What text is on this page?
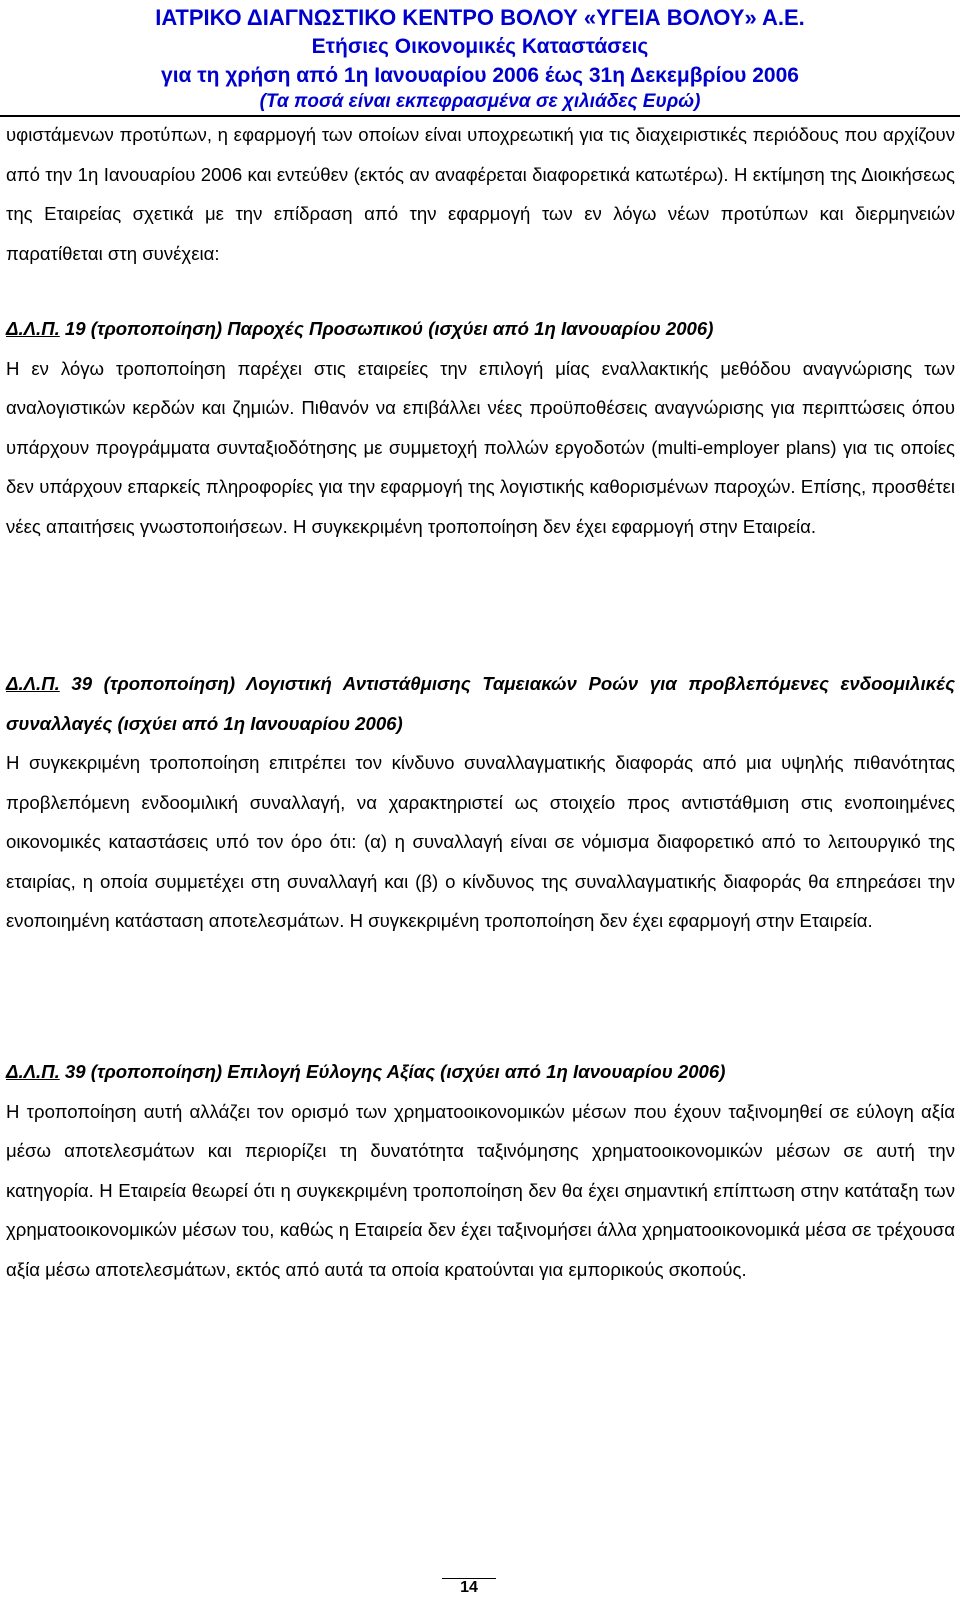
ΙΑΤΡΙΚΟ ΔΙΑΓΝΩΣΤΙΚΟ ΚΕΝΤΡΟ ΒΟΛΟΥ «ΥΓΕΙΑ ΒΟΛΟΥ» Α.Ε.
Ετήσιες Οικονομικές Καταστάσεις
για τη χρήση από 1η Ιανουαρίου 2006 έως 31η Δεκεμβρίου 2006
(Τα ποσά είναι εκπεφρασμένα σε χιλιάδες Ευρώ)

υφιστάμενων προτύπων, η εφαρμογή των οποίων είναι υποχρεωτική για τις διαχειριστικές περιόδους που αρχίζουν από την 1η Ιανουαρίου 2006 και εντεύθεν (εκτός αν αναφέρεται διαφορετικά κατωτέρω). Η εκτίμηση της Διοικήσεως της Εταιρείας σχετικά με την επίδραση από την εφαρμογή των εν λόγω νέων προτύπων και διερμηνειών παρατίθεται στη συνέχεια:

Δ.Λ.Π. 19 (τροποποίηση) Παροχές Προσωπικού (ισχύει από 1η Ιανουαρίου 2006)

Η εν λόγω τροποποίηση παρέχει στις εταιρείες την επιλογή μίας εναλλακτικής μεθόδου αναγνώρισης των αναλογιστικών κερδών και ζημιών. Πιθανόν να επιβάλλει νέες προϋποθέσεις αναγνώρισης για περιπτώσεις όπου υπάρχουν προγράμματα συνταξιοδότησης με συμμετοχή πολλών εργοδοτών (multi-employer plans) για τις οποίες δεν υπάρχουν επαρκείς πληροφορίες για την εφαρμογή της λογιστικής καθορισμένων παροχών. Επίσης, προσθέτει νέες απαιτήσεις γνωστοποιήσεων. Η συγκεκριμένη τροποποίηση δεν έχει εφαρμογή στην Εταιρεία.

Δ.Λ.Π. 39 (τροποποίηση) Λογιστική Αντιστάθμισης Ταμειακών Ροών για προβλεπόμενες ενδοομιλικές συναλλαγές (ισχύει από 1η Ιανουαρίου 2006)

Η συγκεκριμένη τροποποίηση επιτρέπει τον κίνδυνο συναλλαγματικής διαφοράς από μια υψηλής πιθανότητας προβλεπόμενη ενδοομιλική συναλλαγή, να χαρακτηριστεί ως στοιχείο προς αντιστάθμιση στις ενοποιημένες οικονομικές καταστάσεις υπό τον όρο ότι: (α) η συναλλαγή είναι σε νόμισμα διαφορετικό από το λειτουργικό της εταιρίας, η οποία συμμετέχει στη συναλλαγή και (β) ο κίνδυνος της συναλλαγματικής διαφοράς θα επηρεάσει την ενοποιημένη κατάσταση αποτελεσμάτων. Η συγκεκριμένη τροποποίηση δεν έχει εφαρμογή στην Εταιρεία.

Δ.Λ.Π. 39 (τροποποίηση) Επιλογή Εύλογης Αξίας (ισχύει από 1η Ιανουαρίου 2006)

Η τροποποίηση αυτή αλλάζει τον ορισμό των χρηματοοικονομικών μέσων που έχουν ταξινομηθεί σε εύλογη αξία μέσω αποτελεσμάτων και περιορίζει τη δυνατότητα ταξινόμησης χρηματοοικονομικών μέσων σε αυτή την κατηγορία. Η Εταιρεία θεωρεί ότι η συγκεκριμένη τροποποίηση δεν θα έχει σημαντική επίπτωση στην κατάταξη των χρηματοοικονομικών μέσων του, καθώς η Εταιρεία δεν έχει ταξινομήσει άλλα χρηματοοικονομικά μέσα σε τρέχουσα αξία μέσω αποτελεσμάτων, εκτός από αυτά τα οποία κρατούνται για εμπορικούς σκοπούς.

14
